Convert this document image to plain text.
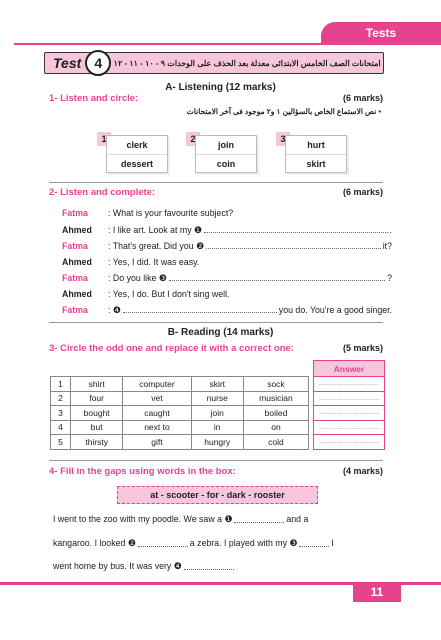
Tests
Test 4	امتحانات الصف الخامس الابتدائى معدلة بعد الحذف على الوحدات ٩ - ١٠ - ١١ - ١٢
A- Listening (12 marks)
1- Listen and circle:	(6 marks)
• نص الاستماع الخاص بالسؤالين ١ و٢ موجود فى آخر الامتحانات
1
clerk
dessert
2
join
coin
3
hurt
skirt
2- Listen and complete:	(6 marks)
Fatma	: What is your favourite subject?
Ahmed	: I like art. Look at my ❶	.
Fatma	: That's great. Did you ❷	it?
Ahmed	: Yes, I did. It was easy.
Fatma	: Do you like ❸	?
Ahmed	: Yes, I do. But I don't sing well.
Fatma	: ❹	you do. You're a good singer.
B- Reading (14 marks)
3- Circle the odd one and replace it with a correct one:	(5 marks)
1	shirt	computer	skirt	sock
2	four	vet	nurse	musician
3	bought	caught	join	boiled
4	but	next to	in	on
5	thirsty	gift	hungry	cold
Answer
...............................
...............................
...............................
...............................
...............................
4- Fill in the gaps using words in the box:	(4 marks)
at - scooter - for - dark - rooster
I went to the zoo with my poodle. We saw a ❶	and a
kangaroo. I looked ❷	a zebra. I played with my ❸	I
went home by bus. It was very ❹
11
